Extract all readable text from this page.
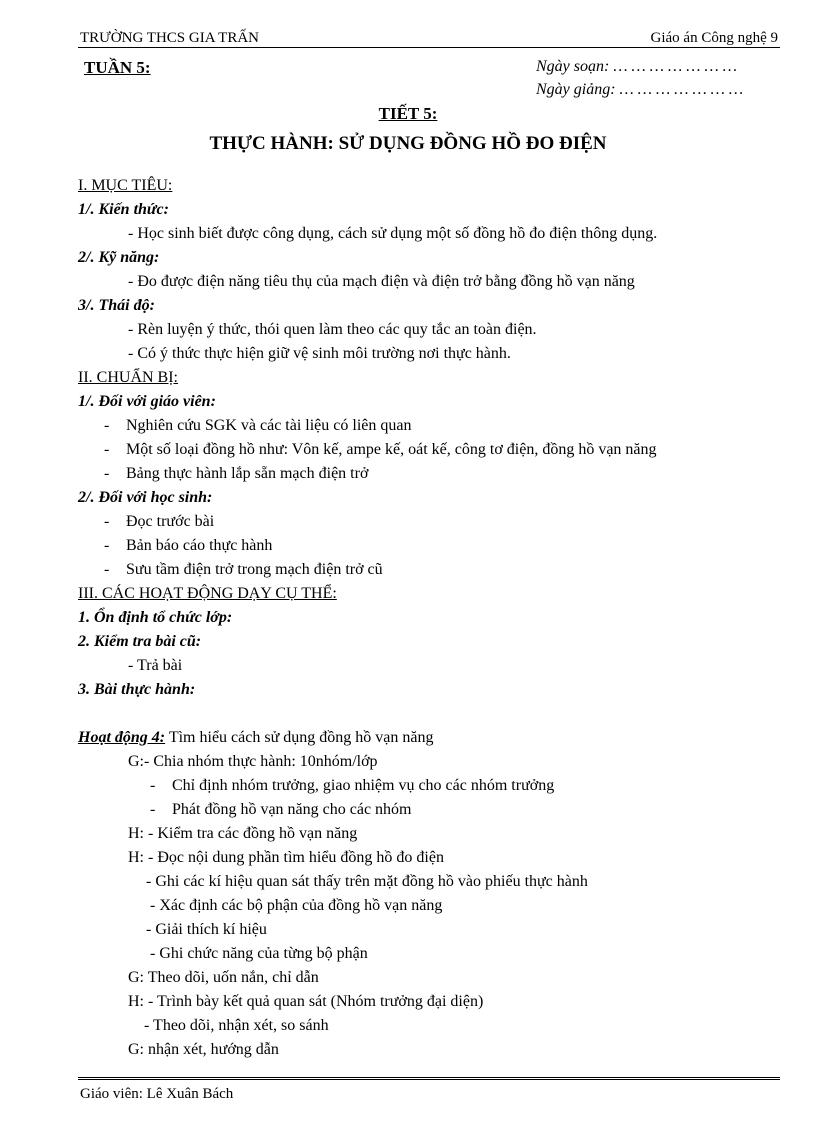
TRƯỜNG THCS GIA TRẤN	Giáo án Công nghệ 9
TUẦN 5:	Ngày soạn: … … … … … … …
Ngày giảng: … … … … … … …
TIẾT 5:
THỰC HÀNH: SỬ DỤNG ĐỒNG HỒ ĐO ĐIỆN
I. MỤC TIÊU:
1/. Kiến thức:
- Học sinh biết được công dụng, cách sử dụng một số đồng hồ đo điện thông dụng.
2/. Kỹ năng:
- Đo được điện năng tiêu thụ của mạch điện và điện trở bằng đồng hồ vạn năng
3/. Thái độ:
- Rèn luyện ý thức, thói quen làm theo các quy tắc an toàn điện.
- Có ý thức thực hiện giữ vệ sinh môi trường nơi thực hành.
II. CHUẨN BỊ:
1/. Đối với giáo viên:
- Nghiên cứu SGK và các tài liệu có liên quan
- Một số loại đồng hồ như: Vôn kế, ampe kế, oát kế, công tơ điện, đồng hồ vạn năng
- Bảng thực hành lắp sẵn mạch điện trở
2/. Đối với học sinh:
- Đọc trước bài
- Bản báo cáo thực hành
- Sưu tầm điện trở trong mạch điện trở cũ
III. CÁC HOẠT ĐỘNG DẠY CỤ THỂ:
1. Ổn định tổ chức lớp:
2. Kiểm tra bài cũ:
- Trả bài
3. Bài thực hành:
Hoạt động 4: Tìm hiểu cách sử dụng đồng hồ vạn năng
G:- Chia nhóm thực hành: 10nhóm/lớp
- Chỉ định nhóm trưởng, giao nhiệm vụ cho các nhóm trưởng
- Phát đồng hồ vạn năng cho các nhóm
H: - Kiểm tra các đồng hồ vạn năng
H: - Đọc nội dung phần tìm hiểu đồng hồ đo điện
- Ghi các kí hiệu quan sát thấy trên mặt đồng hồ vào phiếu thực hành
- Xác định các bộ phận của đồng hồ vạn năng
- Giải thích kí hiệu
- Ghi chức năng của từng bộ phận
G: Theo dõi, uốn nắn, chỉ dẫn
H: - Trình bày kết quả quan sát (Nhóm trưởng đại diện)
- Theo dõi, nhận xét, so sánh
G: nhận xét, hướng dẫn
Giáo viên: Lê Xuân Bách
